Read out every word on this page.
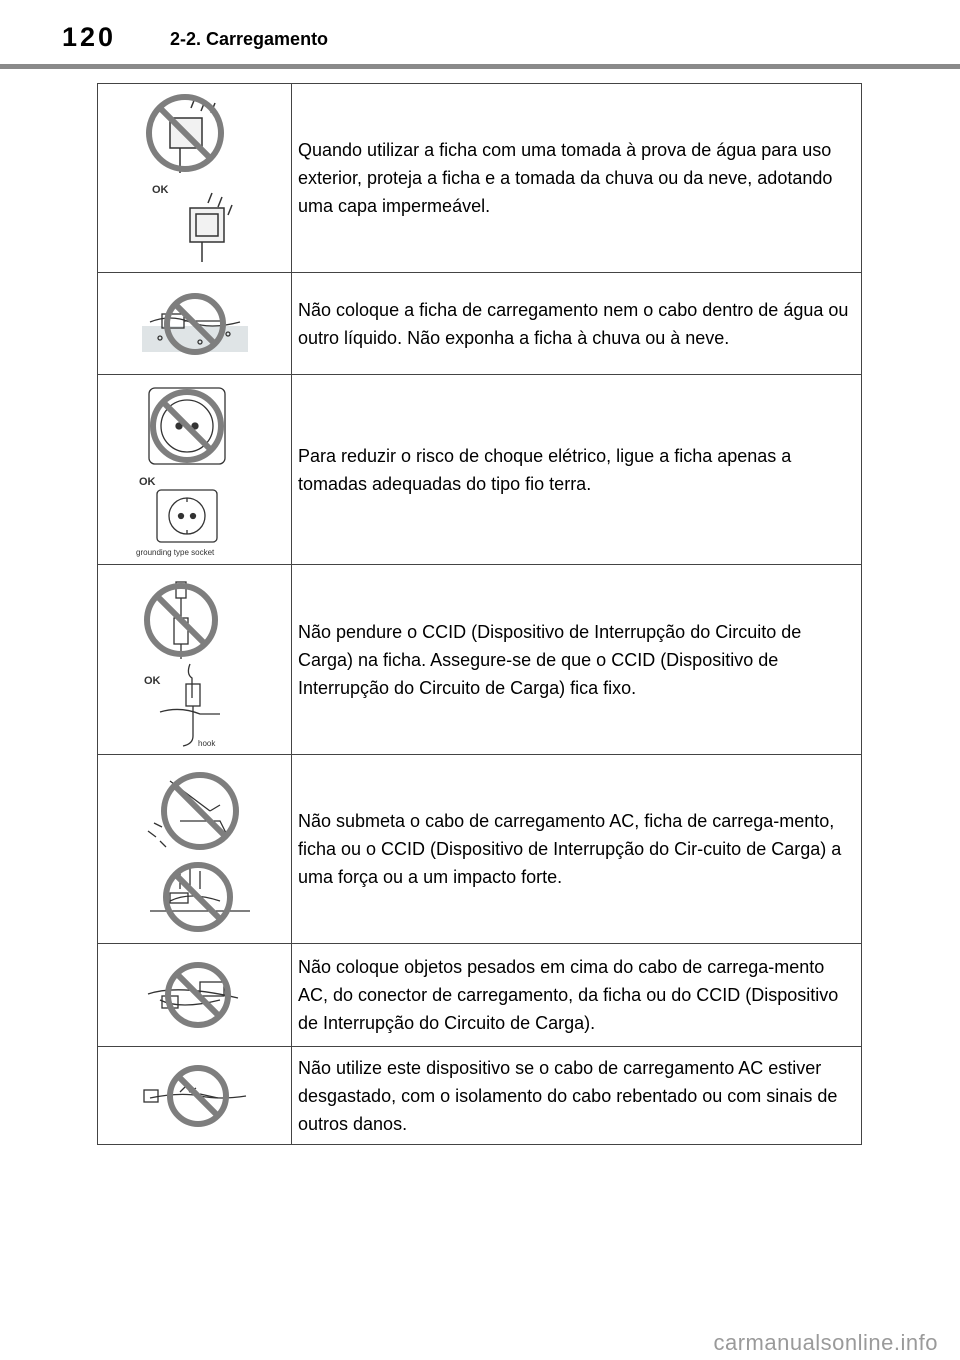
120	2-2. Carregamento
OK	Quando utilizar a ficha com uma tomada à prova de água para uso exterior, proteja a ficha e a tomada da chuva ou da neve, adotando uma capa impermeável.

	Não coloque a ficha de carregamento nem o cabo dentro de água ou outro líquido. Não exponha a ficha à chuva ou à neve.

OK
grounding type socket	Para reduzir o risco de choque elétrico, ligue a ficha apenas a tomadas adequadas do tipo fio terra.

OK
hook	Não pendure o CCID (Dispositivo de Interrupção do Circuito de Carga) na ficha. Assegure-se de que o CCID (Dispositivo de Interrupção do Circuito de Carga) fica fixo.

	Não submeta o cabo de carregamento AC, ficha de carrega-mento, ficha ou o CCID (Dispositivo de Interrupção do Cir-cuito de Carga) a uma força ou a um impacto forte.

	Não coloque objetos pesados em cima do cabo de carrega-mento AC, do conector de carregamento, da ficha ou do CCID (Dispositivo de Interrupção do Circuito de Carga).

	Não utilize este dispositivo se o cabo de carregamento AC estiver desgastado, com o isolamento do cabo rebentado ou com sinais de outros danos.
carmanualsonline.info
